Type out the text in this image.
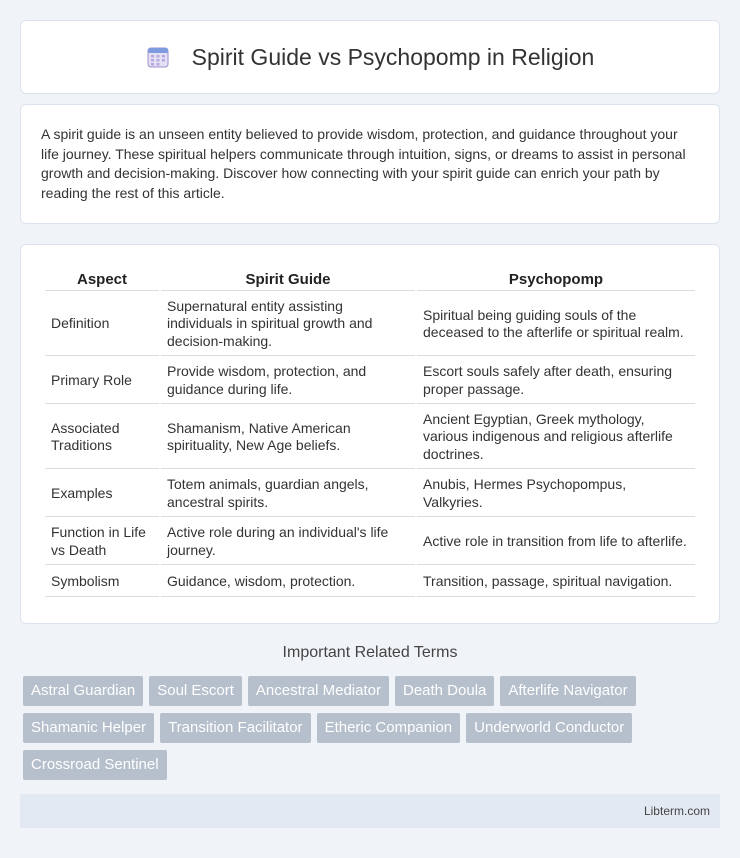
Spirit Guide vs Psychopomp in Religion

A spirit guide is an unseen entity believed to provide wisdom, protection, and guidance throughout your life journey. These spiritual helpers communicate through intuition, signs, or dreams to assist in personal growth and decision-making. Discover how connecting with your spirit guide can enrich your path by reading the rest of this article.

Aspect	Spirit Guide	Psychopomp
Definition	Supernatural entity assisting individuals in spiritual growth and decision-making.	Spiritual being guiding souls of the deceased to the afterlife or spiritual realm.
Primary Role	Provide wisdom, protection, and guidance during life.	Escort souls safely after death, ensuring proper passage.
Associated Traditions	Shamanism, Native American spirituality, New Age beliefs.	Ancient Egyptian, Greek mythology, various indigenous and religious afterlife doctrines.
Examples	Totem animals, guardian angels, ancestral spirits.	Anubis, Hermes Psychopompus, Valkyries.
Function in Life vs Death	Active role during an individual's life journey.	Active role in transition from life to afterlife.
Symbolism	Guidance, wisdom, protection.	Transition, passage, spiritual navigation.
Important Related Terms
Astral Guardian	Soul Escort	Ancestral Mediator	Death Doula	Afterlife Navigator
Shamanic Helper	Transition Facilitator	Etheric Companion	Underworld Conductor
Crossroad Sentinel
Libterm.com
